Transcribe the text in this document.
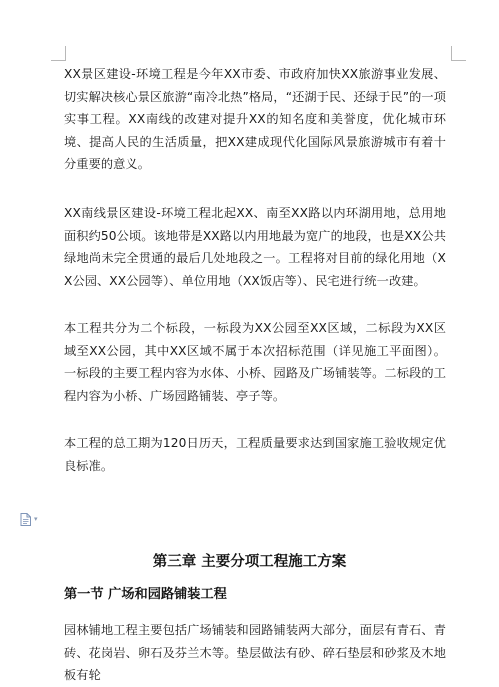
XX景区建设-环境工程是今年XX市委、市政府加快XX旅游事业发展、切实解决核心景区旅游“南冷北热”格局，“还湖于民、还绿于民”的一项实事工程。XX南线的改建对提升XX的知名度和美誉度，优化城市环境、提高人民的生活质量，把XX建成现代化国际风景旅游城市有着十分重要的意义。

XX南线景区建设-环境工程北起XX、南至XX路以内环湖用地，总用地面积约50公顷。该地带是XX路以内用地最为宽广的地段，也是XX公共绿地尚未完全贯通的最后几处地段之一。工程将对目前的绿化用地（XX公园、XX公园等）、单位用地（XX饭店等）、民宅进行统一改建。

本工程共分为二个标段，一标段为XX公园至XX区域，二标段为XX区域至XX公园，其中XX区域不属于本次招标范围（详见施工平面图）。一标段的主要工程内容为水体、小桥、园路及广场铺装等。二标段的工程内容为小桥、广场园路铺装、亭子等。

本工程的总工期为120日历天，工程质量要求达到国家施工验收规定优良标准。

▾
第三章 主要分项工程施工方案
第一节 广场和园路铺装工程

园林铺地工程主要包括广场铺装和园路铺装两大部分，面层有青石、青砖、花岗岩、卵石及芬兰木等。垫层做法有砂、碎石垫层和砂浆及木地板有轮
